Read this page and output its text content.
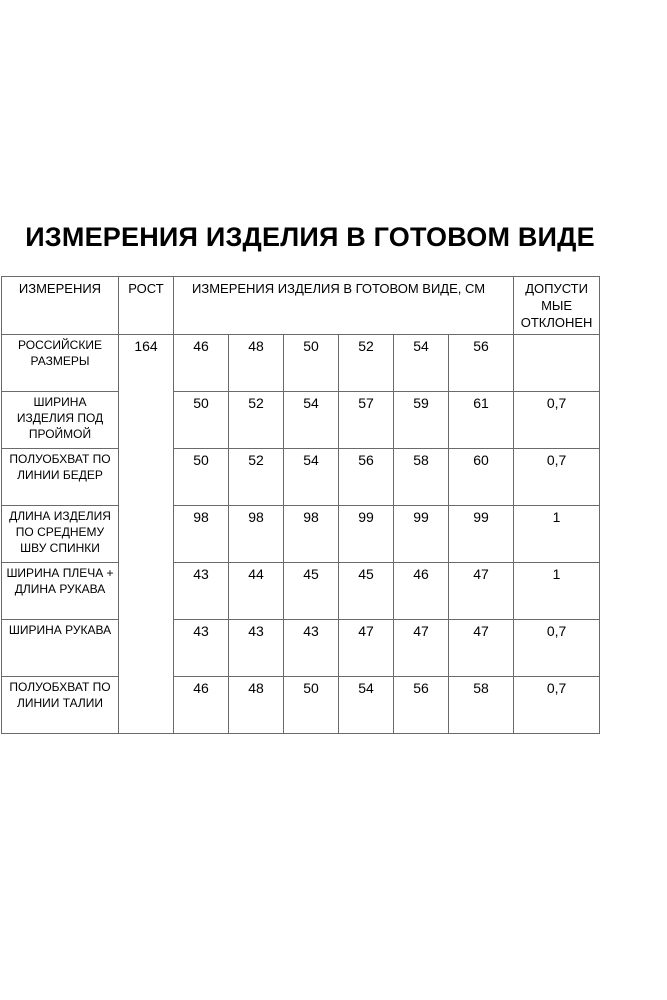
ИЗМЕРЕНИЯ ИЗДЕЛИЯ В ГОТОВОМ ВИДЕ
ИЗМЕРЕНИЯ	РОСТ	ИЗМЕРЕНИЯ ИЗДЕЛИЯ В ГОТОВОМ ВИДЕ, СМ						ДОПУСТИ
МЫЕ
ОТКЛОНЕН

РОССИЙСКИЕ
РАЗМЕРЫ	164	46	48	50	52	54	56	

ШИРИНА
ИЗДЕЛИЯ ПОД
ПРОЙМОЙ		50	52	54	57	59	61	0,7

ПОЛУОБХВАТ ПО
ЛИНИИ БЕДЕР		50	52	54	56	58	60	0,7

ДЛИНА ИЗДЕЛИЯ
ПО СРЕДНЕМУ
ШВУ СПИНКИ		98	98	98	99	99	99	1

ШИРИНА ПЛЕЧА +
ДЛИНА РУКАВА		43	44	45	45	46	47	1

ШИРИНА РУКАВА		43	43	43	47	47	47	0,7

ПОЛУОБХВАТ ПО
ЛИНИИ ТАЛИИ		46	48	50	54	56	58	0,7
